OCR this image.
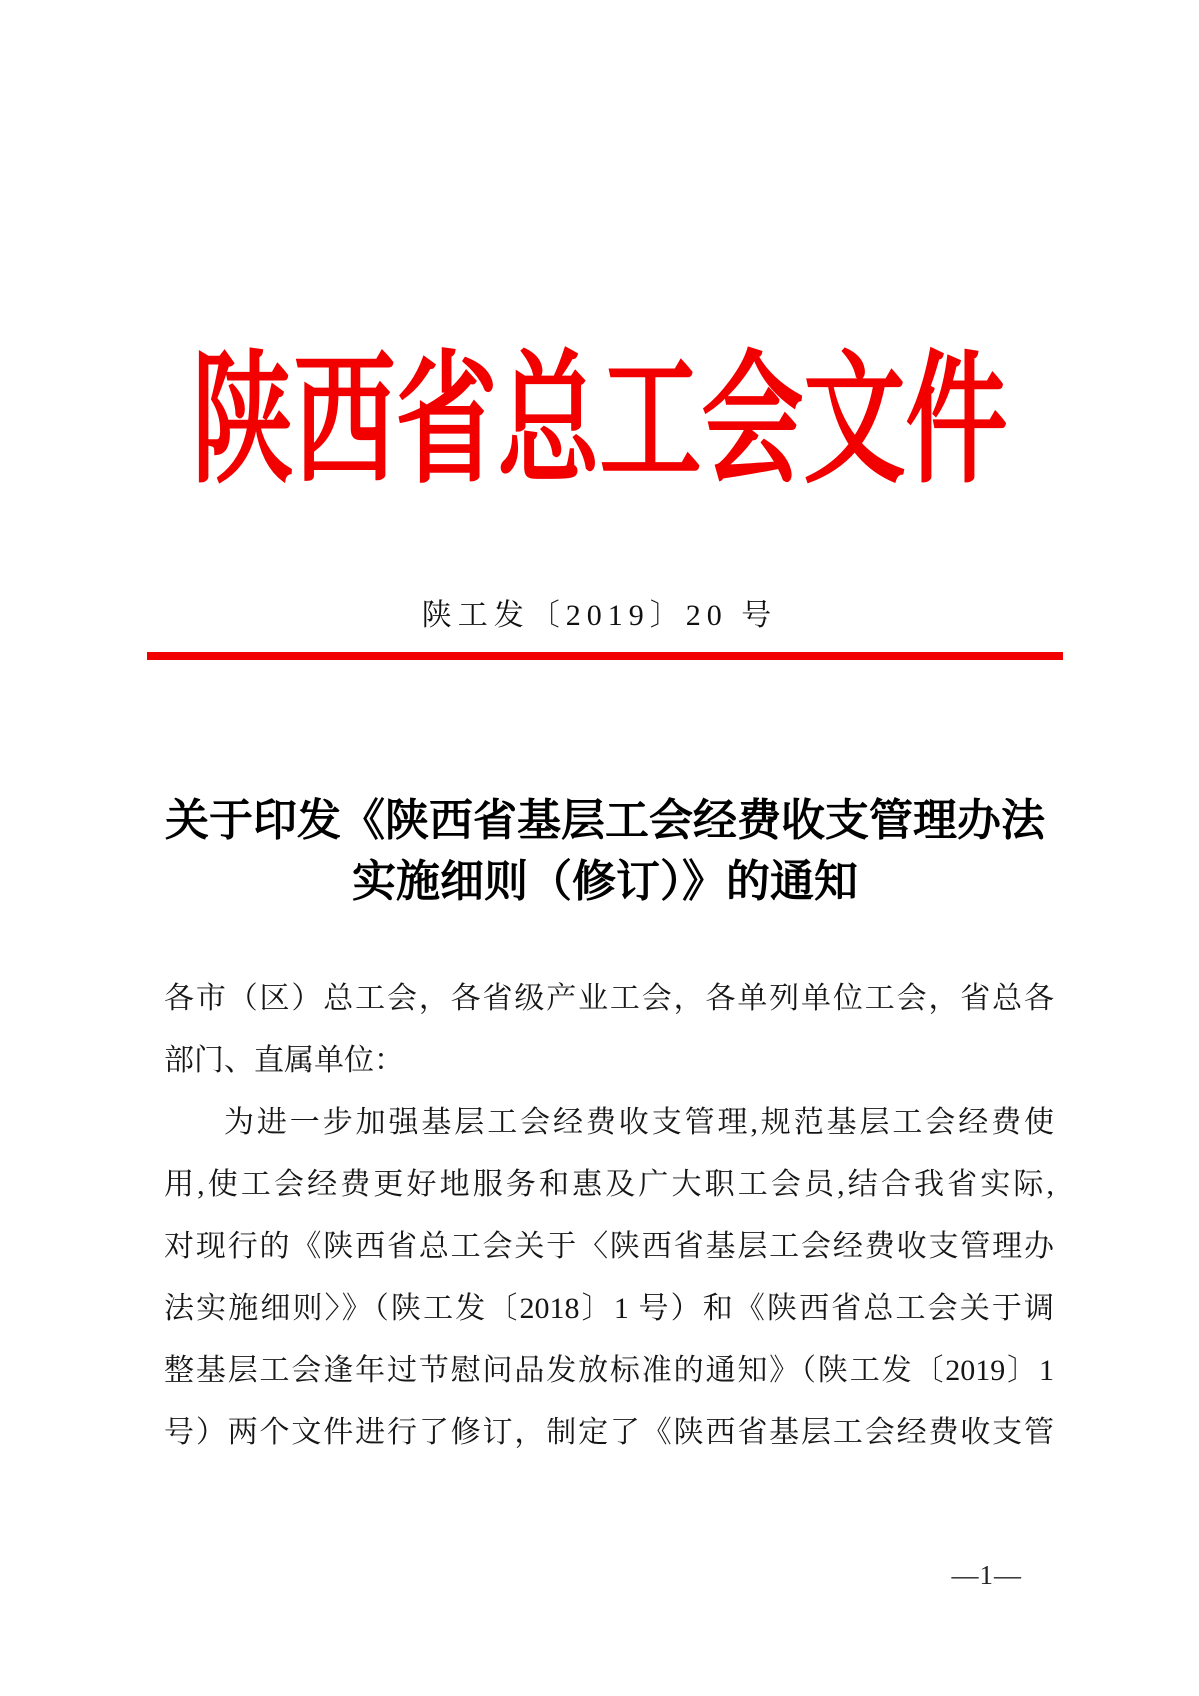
陕西省总工会文件
陕工发〔2019〕20 号
关于印发《陕西省基层工会经费收支管理办法
实施细则（修订）》的通知
各市（区）总工会，各省级产业工会，各单列单位工会，省总各
部门、直属单位：
为进一步加强基层工会经费收支管理,规范基层工会经费使
用,使工会经费更好地服务和惠及广大职工会员,结合我省实际,
对现行的《陕西省总工会关于〈陕西省基层工会经费收支管理办
法实施细则〉》（陕工发〔2018〕1 号）和《陕西省总工会关于调
整基层工会逢年过节慰问品发放标准的通知》（陕工发〔2019〕1
号）两个文件进行了修订，制定了《陕西省基层工会经费收支管
—1—
